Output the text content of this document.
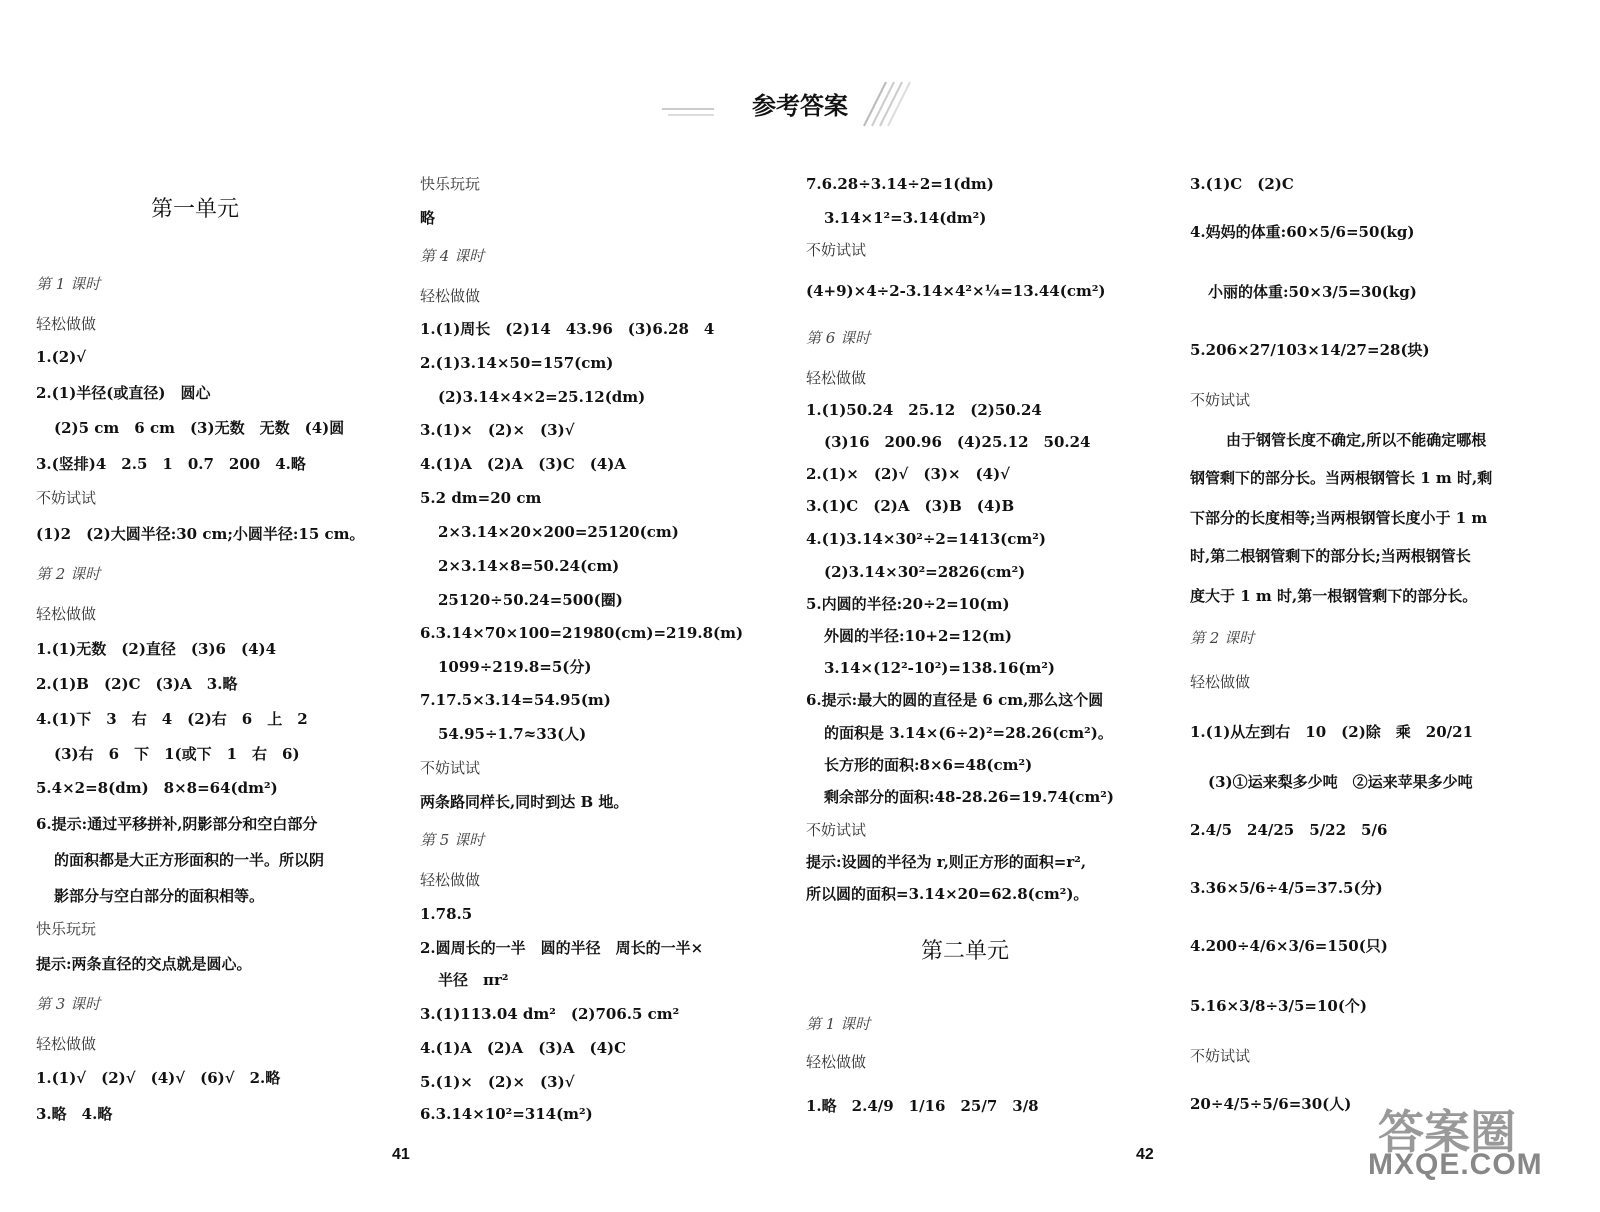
参考答案
第一单元
第 1 课时
轻松做做
1.(2)√
2.(1)半径(或直径)　圆心
(2)5 cm　6 cm　(3)无数　无数　(4)圆
3.(竖排)4　2.5　1　0.7　200　4.略
不妨试试
(1)2　(2)大圆半径:30 cm;小圆半径:15 cm。
第 2 课时
轻松做做
1.(1)无数　(2)直径　(3)6　(4)4
2.(1)B　(2)C　(3)A　3.略
4.(1)下　3　右　4　(2)右　6　上　2
(3)右　6　下　1(或下　1　右　6)
5.4×2=8(dm)　8×8=64(dm²)
6.提示:通过平移拼补,阴影部分和空白部分
的面积都是大正方形面积的一半。所以阴
影部分与空白部分的面积相等。
快乐玩玩
提示:两条直径的交点就是圆心。
第 3 课时
轻松做做
1.(1)√　(2)√　(4)√　(6)√　2.略
3.略　4.略
快乐玩玩
略
第 4 课时
轻松做做
1.(1)周长　(2)14　43.96　(3)6.28　4
2.(1)3.14×50=157(cm)
(2)3.14×4×2=25.12(dm)
3.(1)×　(2)×　(3)√
4.(1)A　(2)A　(3)C　(4)A
5.2 dm=20 cm
2×3.14×20×200=25120(cm)
2×3.14×8=50.24(cm)
25120÷50.24=500(圈)
6.3.14×70×100=21980(cm)=219.8(m)
1099÷219.8=5(分)
7.17.5×3.14=54.95(m)
54.95÷1.7≈33(人)
不妨试试
两条路同样长,同时到达 B 地。
第 5 课时
轻松做做
1.78.5
2.圆周长的一半　圆的半径　周长的一半×
半径　πr²
3.(1)113.04 dm²　(2)706.5 cm²
4.(1)A　(2)A　(3)A　(4)C
5.(1)×　(2)×　(3)√
6.3.14×10²=314(m²)
7.6.28÷3.14÷2=1(dm)
3.14×1²=3.14(dm²)
不妨试试
(4+9)×4÷2-3.14×4²×¼=13.44(cm²)
第 6 课时
轻松做做
1.(1)50.24　25.12　(2)50.24
(3)16　200.96　(4)25.12　50.24
2.(1)×　(2)√　(3)×　(4)√
3.(1)C　(2)A　(3)B　(4)B
4.(1)3.14×30²÷2=1413(cm²)
(2)3.14×30²=2826(cm²)
5.内圆的半径:20÷2=10(m)
外圆的半径:10+2=12(m)
3.14×(12²-10²)=138.16(m²)
6.提示:最大的圆的直径是 6 cm,那么这个圆
的面积是 3.14×(6÷2)²=28.26(cm²)。
长方形的面积:8×6=48(cm²)
剩余部分的面积:48-28.26=19.74(cm²)
不妨试试
提示:设圆的半径为 r,则正方形的面积=r²,
所以圆的面积=3.14×20=62.8(cm²)。
第二单元
第 1 课时
轻松做做
1.略　2.4/9　1/16　25/7　3/8
3.(1)C　(2)C
4.妈妈的体重:60×5/6=50(kg)
小丽的体重:50×3/5=30(kg)
5.206×27/103×14/27=28(块)
不妨试试
由于钢管长度不确定,所以不能确定哪根
钢管剩下的部分长。当两根钢管长 1 m 时,剩
下部分的长度相等;当两根钢管长度小于 1 m
时,第二根钢管剩下的部分长;当两根钢管长
度大于 1 m 时,第一根钢管剩下的部分长。
第 2 课时
轻松做做
1.(1)从左到右　10　(2)除　乘　20/21
(3)①运来梨多少吨　②运来苹果多少吨
2.4/5　24/25　5/22　5/6
3.36×5/6÷4/5=37.5(分)
4.200÷4/6×3/6=150(只)
5.16×3/8÷3/5=10(个)
不妨试试
20÷4/5÷5/6=30(人)
41	42	答案圈
MXQE.COM
